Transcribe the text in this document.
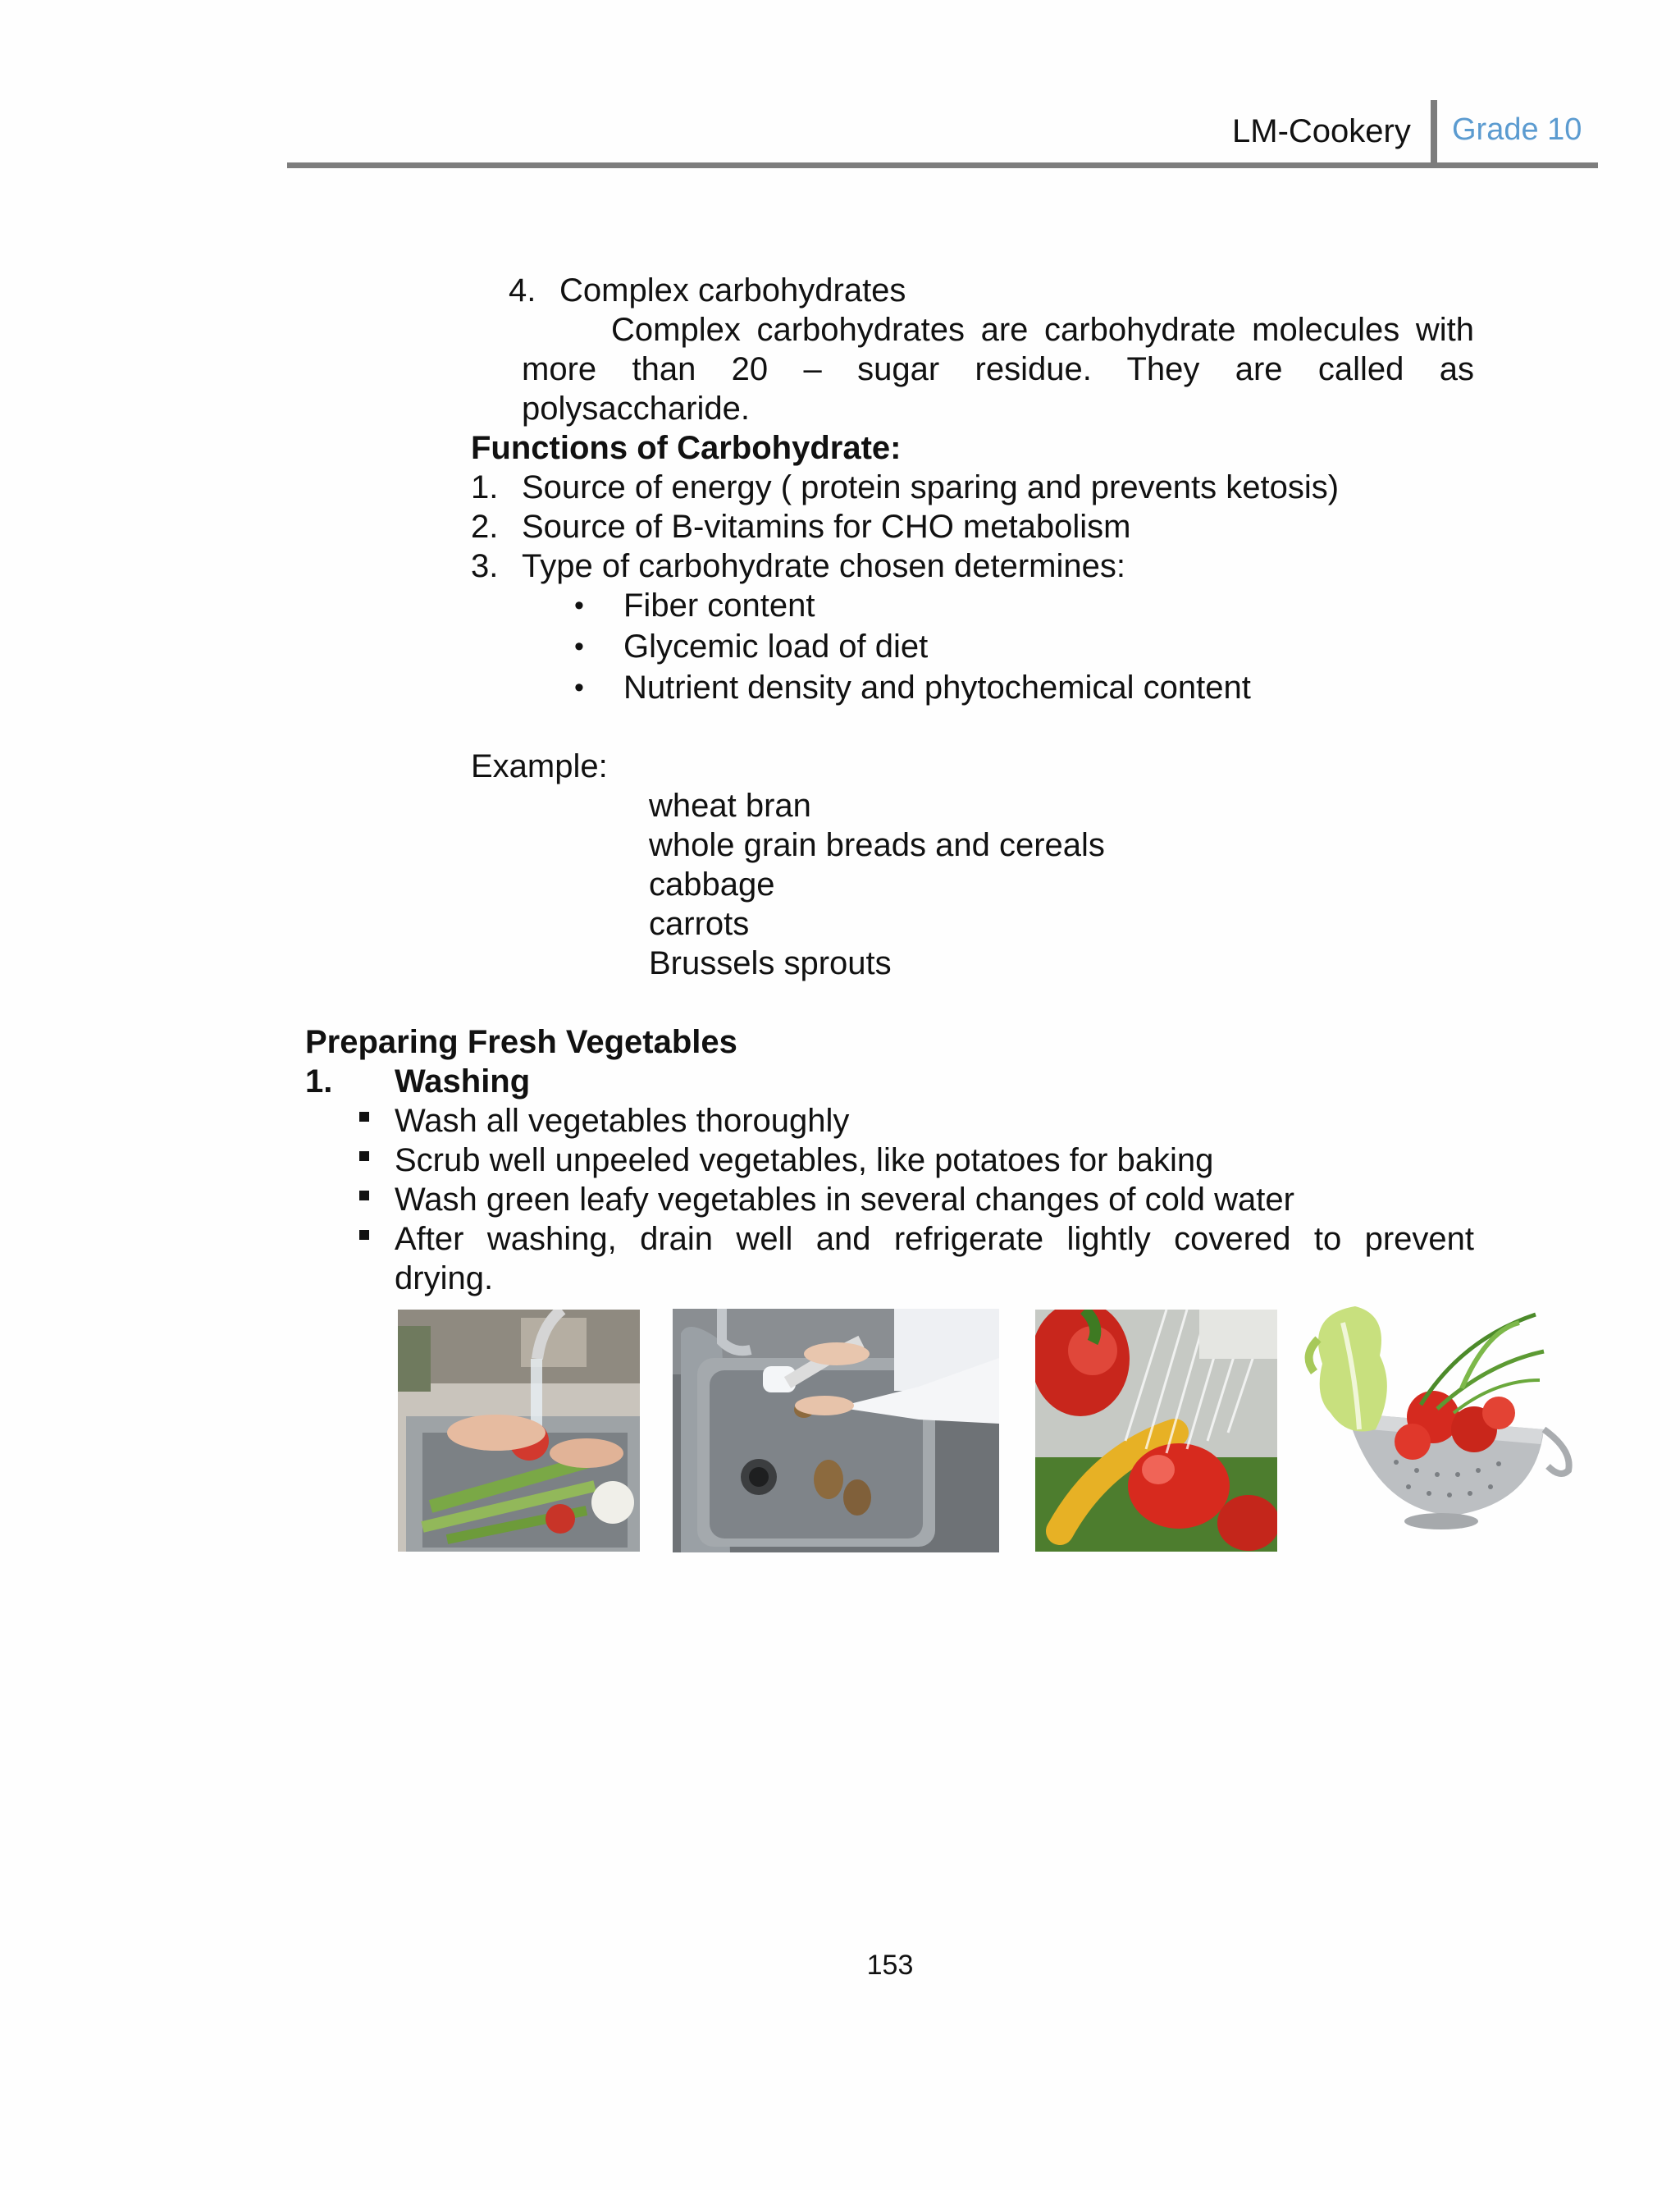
LM-Cookery Grade 10
4. Complex carbohydrates
Complex carbohydrates are carbohydrate molecules with
more than 20 – sugar residue. They are called as
polysaccharide.
Functions of Carbohydrate:
1. Source of energy ( protein sparing and prevents ketosis)
2. Source of B-vitamins for CHO metabolism
3. Type of carbohydrate chosen determines:
• Fiber content
• Glycemic load of diet
• Nutrient density and phytochemical content
Example:
wheat bran
whole grain breads and cereals
cabbage
carrots
Brussels sprouts
Preparing Fresh Vegetables
1. Washing
Wash all vegetables thoroughly
Scrub well unpeeled vegetables, like potatoes for baking
Wash green leafy vegetables in several changes of cold water
After washing, drain well and refrigerate lightly covered to prevent
drying.
153
